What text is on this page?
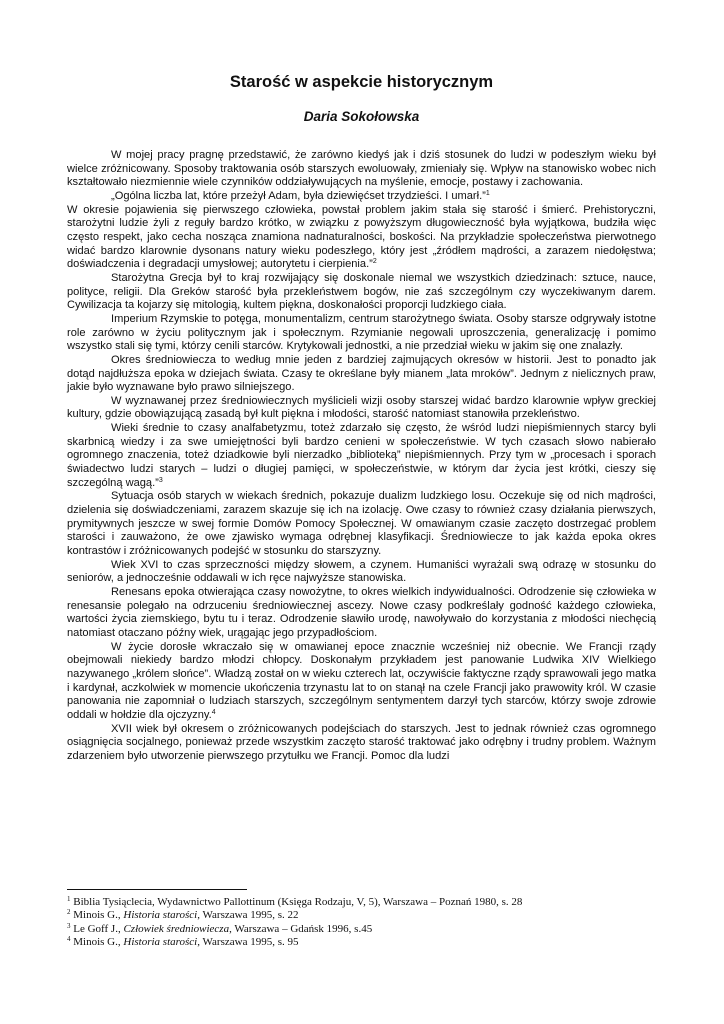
Starość w aspekcie historycznym

Daria Sokołowska

W mojej pracy pragnę przedstawić, że zarówno kiedyś jak i dziś stosunek do ludzi w podeszłym wieku był wielce zróżnicowany. Sposoby traktowania osób starszych ewoluowały, zmieniały się. Wpływ na stanowisko wobec nich kształtowało niezmiennie wiele czynników oddziaływujących na myślenie, emocje, postawy i zachowania.

„Ogólna liczba lat, które przeżył Adam, była dziewięćset trzydzieści. I umarł.”$^1$

W okresie pojawienia się pierwszego człowieka, powstał problem jakim stała się starość i śmierć. Prehistoryczni, starożytni ludzie żyli z reguły bardzo krótko, w związku z powyższym długowieczność była wyjątkowa, budziła więc często respekt, jako cecha nosząca znamiona nadnaturalności, boskości. Na przykładzie społeczeństwa pierwotnego widać bardzo klarownie dysonans natury wieku podeszłego, który jest „źródłem mądrości, a zarazem niedołęstwa; doświadczenia i degradacji umysłowej; autorytetu i cierpienia.”$^2$

Starożytna Grecja był to kraj rozwijający się doskonale niemal we wszystkich dziedzinach: sztuce, nauce, polityce, religii. Dla Greków starość była przekleństwem bogów, nie zaś szczególnym czy wyczekiwanym darem. Cywilizacja ta kojarzy się mitologią, kultem piękna, doskonałości proporcji ludzkiego ciała.

Imperium Rzymskie to potęga, monumentalizm, centrum starożytnego świata. Osoby starsze odgrywały istotne role zarówno w życiu politycznym jak i społecznym. Rzymianie negowali uproszczenia, generalizację i pomimo wszystko stali się tymi, którzy cenili starców. Krytykowali jednostki, a nie przedział wieku w jakim się one znalazły.

Okres średniowiecza to według mnie jeden z bardziej zajmujących okresów w historii. Jest to ponadto jak dotąd najdłuższa epoka w dziejach świata. Czasy te określane były mianem „lata mroków”. Jednym z nielicznych praw, jakie było wyznawane było prawo silniejszego.

W wyznawanej przez średniowiecznych myślicieli wizji osoby starszej widać bardzo klarownie wpływ greckiej kultury, gdzie obowiązującą zasadą był kult piękna i młodości, starość natomiast stanowiła przekleństwo.

Wieki średnie to czasy analfabetyzmu, toteż zdarzało się często, że wśród ludzi niepiśmiennych starcy byli skarbnicą wiedzy i za swe umiejętności byli bardzo cenieni w społeczeństwie. W tych czasach słowo nabierało ogromnego znaczenia, toteż dziadkowie byli nierzadko „biblioteką” niepiśmiennych. Przy tym w „procesach i sporach świadectwo ludzi starych – ludzi o długiej pamięci, w społeczeństwie, w którym dar życia jest krótki, cieszy się szczególną wagą.”$^3$

Sytuacja osób starych w wiekach średnich, pokazuje dualizm ludzkiego losu. Oczekuje się od nich mądrości, dzielenia się doświadczeniami, zarazem skazuje się ich na izolację. Owe czasy to również czasy działania pierwszych, prymitywnych jeszcze w swej formie Domów Pomocy Społecznej. W omawianym czasie zaczęto dostrzegać problem starości i zauważono, że owe zjawisko wymaga odrębnej klasyfikacji. Średniowiecze to jak każda epoka okres kontrastów i zróżnicowanych podejść w stosunku do starszyzny.

Wiek XVI to czas sprzeczności między słowem, a czynem. Humaniści wyrażali swą odrazę w stosunku do seniorów, a jednocześnie oddawali w ich ręce najwyższe stanowiska.

Renesans epoka otwierająca czasy nowożytne, to okres wielkich indywidualności. Odrodzenie się człowieka w renesansie polegało na odrzuceniu średniowiecznej ascezy. Nowe czasy podkreślały godność każdego człowieka, wartości życia ziemskiego, bytu tu i teraz. Odrodzenie sławiło urodę, nawoływało do korzystania z młodości niechęcią natomiast otaczano późny wiek, urągając jego przypadłościom.

W życie dorosłe wkraczało się w omawianej epoce znacznie wcześniej niż obecnie. We Francji rządy obejmowali niekiedy bardzo młodzi chłopcy. Doskonałym przykładem jest panowanie Ludwika XIV Wielkiego nazywanego „królem słońce”. Władzą został on w wieku czterech lat, oczywiście faktyczne rządy sprawowali jego matka i kardynał, aczkolwiek w momencie ukończenia trzynastu lat to on stanął na czele Francji jako prawowity król. W czasie panowania nie zapomniał o ludziach starszych, szczególnym sentymentem darzył tych starców, którzy swoje zdrowie oddali w hołdzie dla ojczyzny.$^4$

XVII wiek był okresem o zróżnicowanych podejściach do starszych. Jest to jednak również czas ogromnego osiągnięcia socjalnego, ponieważ przede wszystkim zaczęto starość traktować jako odrębny i trudny problem. Ważnym zdarzeniem było utworzenie pierwszego przytułku we Francji. Pomoc dla ludzi

$^1$ Biblia Tysiąclecia, Wydawnictwo Pallottinum (Księga Rodzaju, V, 5), Warszawa – Poznań 1980, s. 28

$^2$ Minois G., Historia starości, Warszawa 1995, s. 22

$^3$ Le Goff J., Człowiek średniowiecza, Warszawa – Gdańsk 1996, s.45

$^4$ Minois G., Historia starości, Warszawa 1995, s. 95
